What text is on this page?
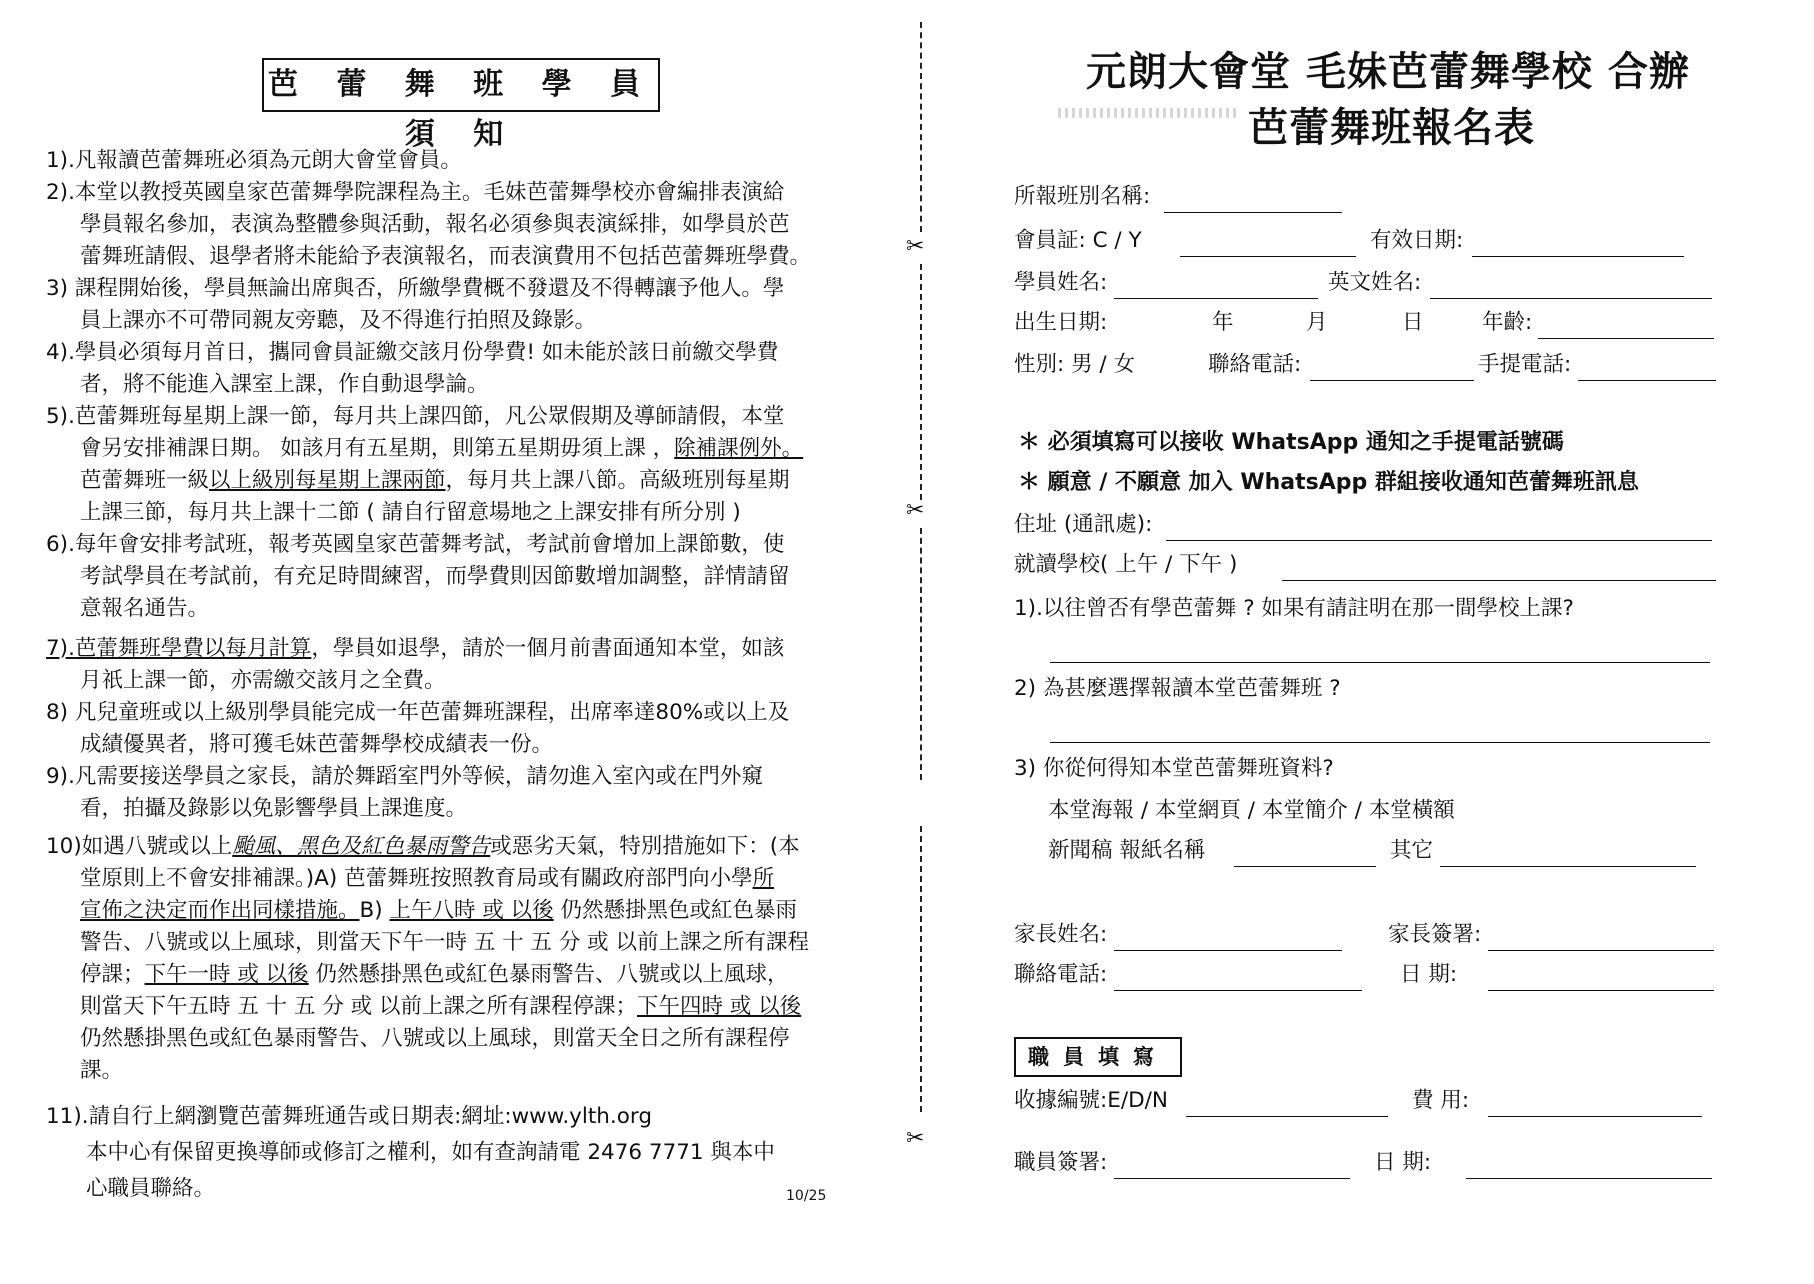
芭 蕾 舞 班 學 員 須 知
1).凡報讀芭蕾舞班必須為元朗大會堂會員。
2).本堂以教授英國皇家芭蕾舞學院課程為主。毛妹芭蕾舞學校亦會編排表演給
學員報名參加，表演為整體參與活動，報名必須參與表演綵排，如學員於芭
蕾舞班請假、退學者將未能給予表演報名，而表演費用不包括芭蕾舞班學費。
3) 課程開始後，學員無論出席與否，所繳學費概不發還及不得轉讓予他人。學
員上課亦不可帶同親友旁聽，及不得進行拍照及錄影。
4).學員必須每月首日，攜同會員証繳交該月份學費! 如未能於該日前繳交學費
者，將不能進入課室上課，作自動退學論。
5).芭蕾舞班每星期上課一節，每月共上課四節，凡公眾假期及導師請假，本堂
會另安排補課日期。 如該月有五星期，則第五星期毋須上課 ，除補課例外。
芭蕾舞班一級以上級別每星期上課兩節，每月共上課八節。高級班別每星期
上課三節，每月共上課十二節 ( 請自行留意場地之上課安排有所分別 )
6).每年會安排考試班，報考英國皇家芭蕾舞考試，考試前會增加上課節數，使
考試學員在考試前，有充足時間練習，而學費則因節數增加調整，詳情請留
意報名通告。
7).芭蕾舞班學費以每月計算，學員如退學，請於一個月前書面通知本堂，如該
月祇上課一節，亦需繳交該月之全費。
8) 凡兒童班或以上級別學員能完成一年芭蕾舞班課程，出席率達80%或以上及
成績優異者，將可獲毛妹芭蕾舞學校成績表一份。
9).凡需要接送學員之家長，請於舞蹈室門外等候，請勿進入室內或在門外窺
看，拍攝及錄影以免影響學員上課進度。
10)如遇八號或以上颱風、黑色及紅色暴雨警告或惡劣天氣，特別措施如下：(本
堂原則上不會安排補課。)A) 芭蕾舞班按照教育局或有關政府部門向小學所
宣佈之決定而作出同樣措施。B) 上午八時 或 以後 仍然懸掛黑色或紅色暴雨
警告、八號或以上風球，則當天下午一時 五 十 五 分 或 以前上課之所有課程
停課；下午一時 或 以後 仍然懸掛黑色或紅色暴雨警告、八號或以上風球，
則當天下午五時 五 十 五 分 或 以前上課之所有課程停課；下午四時 或 以後
仍然懸掛黑色或紅色暴雨警告、八號或以上風球，則當天全日之所有課程停
課。
11).請自行上網瀏覽芭蕾舞班通告或日期表:網址:www.ylth.org
本中心有保留更換導師或修訂之權利，如有查詢請電 2476 7771 與本中
心職員聯絡。	10/25
✂
✂
✂
元朗大會堂 毛妹芭蕾舞學校 合辦
芭蕾舞班報名表
所報班別名稱:
會員証: C / Y	有效日期:
學員姓名:	英文姓名:
出生日期:	年	月	日	年齡:
性別: 男 / 女	聯絡電話:	手提電話:
＊ 必須填寫可以接收 WhatsApp 通知之手提電話號碼
＊ 願意 / 不願意 加入 WhatsApp 群組接收通知芭蕾舞班訊息
住址 (通訊處):
就讀學校( 上午 / 下午 )
1).以往曾否有學芭蕾舞 ? 如果有請註明在那一間學校上課?
2) 為甚麼選擇報讀本堂芭蕾舞班 ?
3) 你從何得知本堂芭蕾舞班資料?
本堂海報 / 本堂網頁 / 本堂簡介 / 本堂橫額
新聞稿 報紙名稱	其它
家長姓名:	家長簽署:
聯絡電話:	日 期:
職員填寫
收據編號:E/D/N	費 用:
職員簽署:	日 期:
